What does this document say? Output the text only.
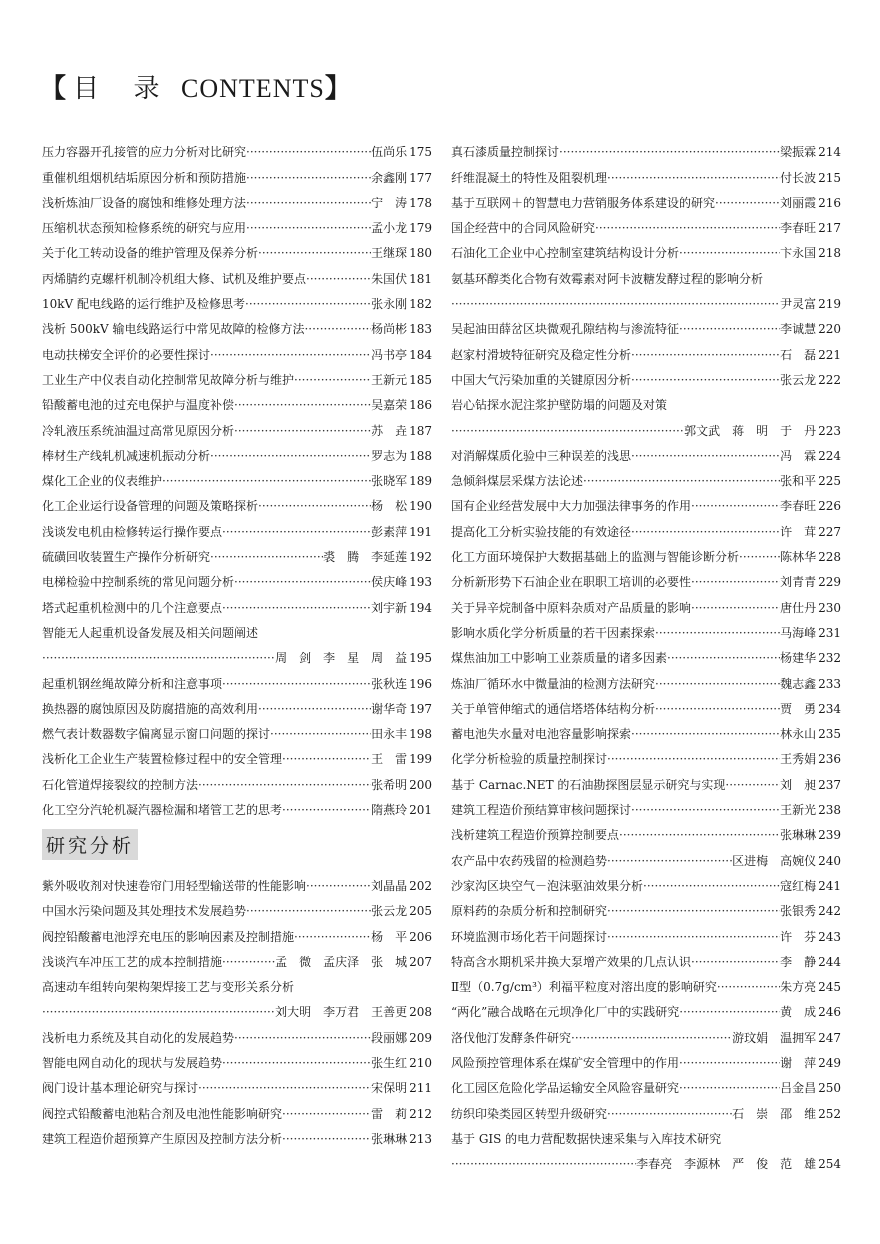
【 目 录 CONTENTS】
压力容器开孔接管的应力分析对比研究 ·····	伍尚乐 175
重催机组烟机结垢原因分析和预防措施 ·····	余鑫刚 177
浅析炼油厂设备的腐蚀和维修处理方法 ·····	宁　涛 178
压缩机状态预知检修系统的研究与应用 ·····	孟小龙 179
关于化工转动设备的维护管理及保养分析 ·····	王继琛 180
丙烯腈约克螺杆机制冷机组大修、试机及维护要点 ·····	朱国伏 181
10kV 配电线路的运行维护及检修思考 ·····	张永刚 182
浅析 500kV 输电线路运行中常见故障的检修方法 ·····	杨尚彬 183
电动扶梯安全评价的必要性探讨 ·····	冯书亭 184
工业生产中仪表自动化控制常见故障分析与维护 ·····	王新元 185
铅酸蓄电池的过充电保护与温度补偿 ·····	吴嘉荣 186
冷轧液压系统油温过高常见原因分析 ·····	苏　垚 187
棒材生产线轧机减速机振动分析 ·····	罗志为 188
煤化工企业的仪表维护 ·····	张晓军 189
化工企业运行设备管理的问题及策略探析 ·····	杨　松 190
浅谈发电机由检修转运行操作要点 ·····	彭素萍 191
硫磺回收装置生产操作分析研究 ·····	裘　腾　李延莲 192
电梯检验中控制系统的常见问题分析 ·····	侯庆峰 193
塔式起重机检测中的几个注意要点 ·····	刘宇新 194
智能无人起重机设备发展及相关问题阐述
·····
周　剑　李　星　周　益 195
起重机钢丝绳故障分析和注意事项 ·····	张秋连 196
换热器的腐蚀原因及防腐措施的高效利用 ·····	谢华奇 197
燃气表计数器数字偏离显示窗口问题的探讨 ·····	田永丰 198
浅析化工企业生产装置检修过程中的安全管理 ·····	王　雷 199
石化管道焊接裂纹的控制方法 ·····	张希明 200
化工空分汽轮机凝汽器检漏和堵管工艺的思考 ·····	隋燕玲 201
研究分析
紫外吸收剂对快速卷帘门用轻型输送带的性能影响 ·····	刘晶晶 202
中国水污染问题及其处理技术发展趋势 ·····	张云龙 205
阀控铅酸蓄电池浮充电压的影响因素及控制措施 ·····	杨　平 206
浅谈汽车冲压工艺的成本控制措施 ·····	孟　微　孟庆泽　张　城 207
高速动车组转向架构架焊接工艺与变形关系分析
·····
刘大明　李万君　王善更 208
浅析电力系统及其自动化的发展趋势 ·····	段丽娜 209
智能电网自动化的现状与发展趋势 ·····	张生红 210
阀门设计基本理论研究与探讨 ·····	宋保明 211
阀控式铅酸蓄电池粘合剂及电池性能影响研究 ·····	雷　莉 212
建筑工程造价超预算产生原因及控制方法分析 ·····	张琳琳 213
真石漆质量控制探讨 ·····	梁振霖 214
纤维混凝土的特性及阻裂机理 ·····	付长波 215
基于互联网＋的智慧电力营销服务体系建设的研究 ·····	刘丽霞 216
国企经营中的合同风险研究 ·····	李春旺 217
石油化工企业中心控制室建筑结构设计分析 ·····	卞永国 218
氨基环醇类化合物有效霉素对阿卡波糖发酵过程的影响分析
·····
尹灵富 219
吴起油田薛岔区块微观孔隙结构与渗流特征 ·····	李诚慧 220
赵家村滑坡特征研究及稳定性分析 ·····	石　磊 221
中国大气污染加重的关键原因分析 ·····	张云龙 222
岩心钻探水泥注浆护壁防塌的问题及对策
·····
郭文武　蒋　明　于　丹 223
对消解煤质化验中三种误差的浅思 ·····	冯　霖 224
急倾斜煤层采煤方法论述 ·····	张和平 225
国有企业经营发展中大力加强法律事务的作用 ·····	李春旺 226
提高化工分析实验技能的有效途径 ·····	许　茸 227
化工方面环境保护大数据基础上的监测与智能诊断分析 ·····	陈林华 228
分析新形势下石油企业在职职工培训的必要性 ·····	刘青青 229
关于异辛烷制备中原料杂质对产品质量的影响 ·····	唐仕丹 230
影响水质化学分析质量的若干因素探索 ·····	马海峰 231
煤焦油加工中影响工业萘质量的诸多因素 ·····	杨建华 232
炼油厂循环水中微量油的检测方法研究 ·····	魏志鑫 233
关于单管伸缩式的通信塔塔体结构分析 ·····	贾　勇 234
蓄电池失水量对电池容量影响探索 ·····	林永山 235
化学分析检验的质量控制探讨 ·····	王秀娟 236
基于 Carnac.NET 的石油勘探图层显示研究与实现 ·····	刘　昶 237
建筑工程造价预结算审核问题探讨 ·····	王新光 238
浅析建筑工程造价预算控制要点 ·····	张琳琳 239
农产品中农药残留的检测趋势 ·····	区进梅　高婉仪 240
沙家沟区块空气－泡沫驱油效果分析 ·····	寇红梅 241
原料药的杂质分析和控制研究 ·····	张银秀 242
环境监测市场化若干问题探讨 ·····	许　芬 243
特高含水期机采井换大泵增产效果的几点认识 ·····	李　静 244
Ⅱ型（0.7g/cm³）利福平粒度对溶出度的影响研究 ·····	朱方亮 245
“两化”融合战略在元坝净化厂中的实践研究 ·····	黄　成 246
洛伐他汀发酵条件研究 ·····	游玟娟　温拥军 247
风险预控管理体系在煤矿安全管理中的作用 ·····	谢　萍 249
化工园区危险化学品运输安全风险容量研究 ·····	吕金昌 250
纺织印染类园区转型升级研究 ·····	石　崇　邵　维 252
基于 GIS 的电力营配数据快速采集与入库技术研究
·····
李春亮　李源林　严　俊　范　雄 254
